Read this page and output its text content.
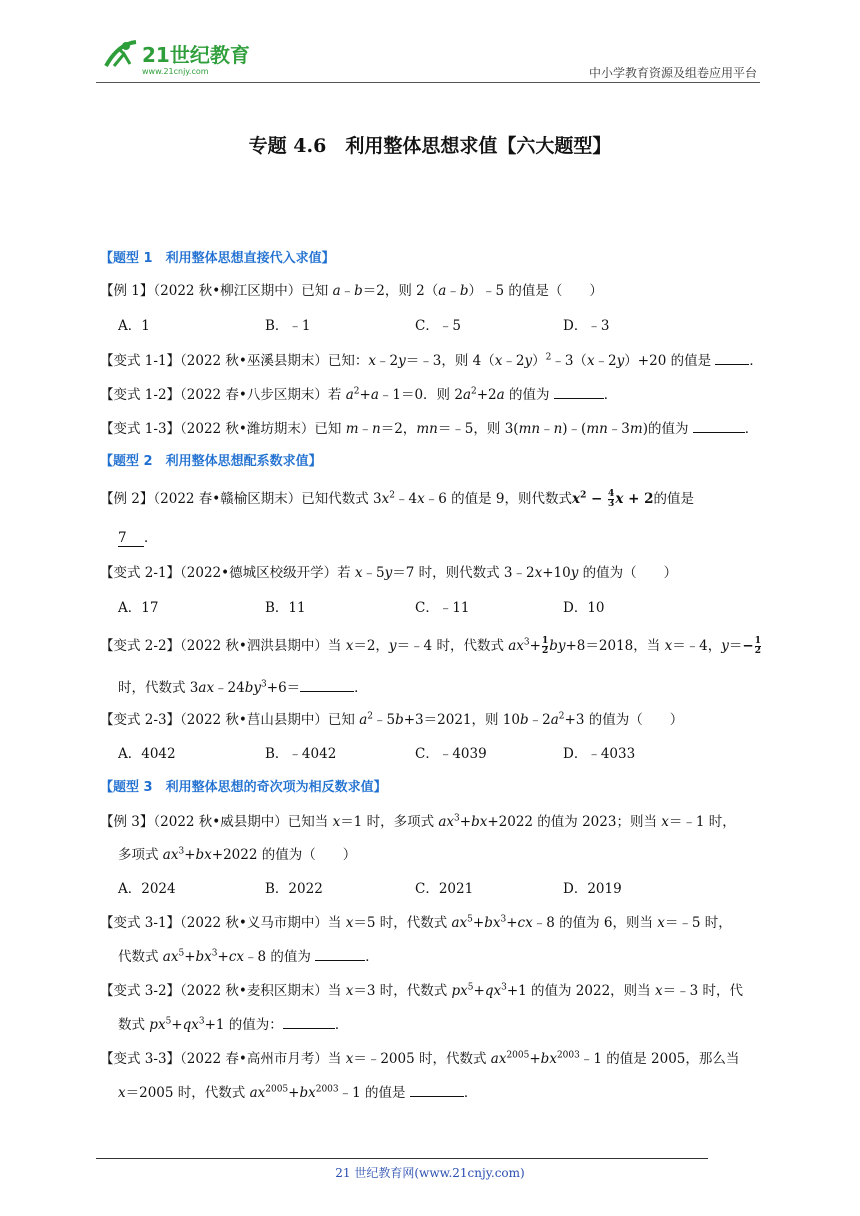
21世纪教育
www.21cnjy.com	中小学教育资源及组卷应用平台
专题 4.6　利用整体思想求值【六大题型】
【题型 1　利用整体思想直接代入求值】
【例 1】（2022 秋•柳江区期中）已知 a﹣b＝2，则 2（a﹣b）﹣5 的值是（　　）
A．1	B．﹣1	C．﹣5	D．﹣3
【变式 1-1】（2022 秋•巫溪县期末）已知：x﹣2y＝﹣3，则 4（x﹣2y）$^2$﹣3（x﹣2y）+20 的值是	．
【变式 1-2】（2022 春•八步区期末）若 $a^2+a﹣1=0$．则 $2a^2+2a$ 的值为	．
【变式 1-3】（2022 秋•潍坊期末）已知 m﹣n＝2，mn＝﹣5，则 3(mn﹣n)﹣(mn﹣3m)的值为	．
【题型 2　利用整体思想配系数求值】
【例 2】（2022 春•赣榆区期末）已知代数式 $3x^2﹣4x﹣6$ 的值是 9，则代数式$x^2 - \frac{4}{3}$ x + 2的值是
7 ．
【变式 2-1】（2022•德城区校级开学）若 x﹣5y＝7 时，则代数式 3﹣2x+10y 的值为（　　）
A．17	B．11	C．﹣11	D．10
【变式 2-2】（2022 秋•泗洪县期中）当 x＝2，y＝﹣4 时，代数式 $ax^3+ \frac{1}{2} by+8=2018$，当 x＝﹣4，$y=- \frac{1}{2}$
时，代数式 $3ax﹣24by^3+6=$	．
【变式 2-3】（2022 秋•莒山县期中）已知 $a^2﹣5b+3=2021$，则 $10b﹣2a^2+3$ 的值为（　　）
A．4042	B．﹣4042	C．﹣4039	D．﹣4033
【题型 3　利用整体思想的奇次项为相反数求值】
【例 3】（2022 秋•威县期中）已知当 x＝1 时，多项式 $ax^3+bx+2022$ 的值为 2023；则当 x＝﹣1 时，
多项式 $ax^3+bx+2022$ 的值为（　　）
A．2024	B．2022	C．2021	D．2019
【变式 3-1】（2022 秋•义马市期中）当 x＝5 时，代数式 $ax^5+bx^3+cx﹣8$ 的值为 6，则当 x＝﹣5 时，
代数式 $ax^5+bx^3+cx﹣8$ 的值为	．
【变式 3-2】（2022 秋•麦积区期末）当 x＝3 时，代数式 $px^5+qx^3+1$ 的值为 2022，则当 x＝﹣3 时，代
数式 $px^5+qx^3+1$ 的值为：	．
【变式 3-3】（2022 春•高州市月考）当 x＝﹣2005 时，代数式 $ax^{2005}+bx^{2003}﹣1$ 的值是 2005，那么当
x＝2005 时，代数式 $ax^{2005}+bx^{2003}﹣1$ 的值是	．
21 世纪教育网(www.21cnjy.com)
